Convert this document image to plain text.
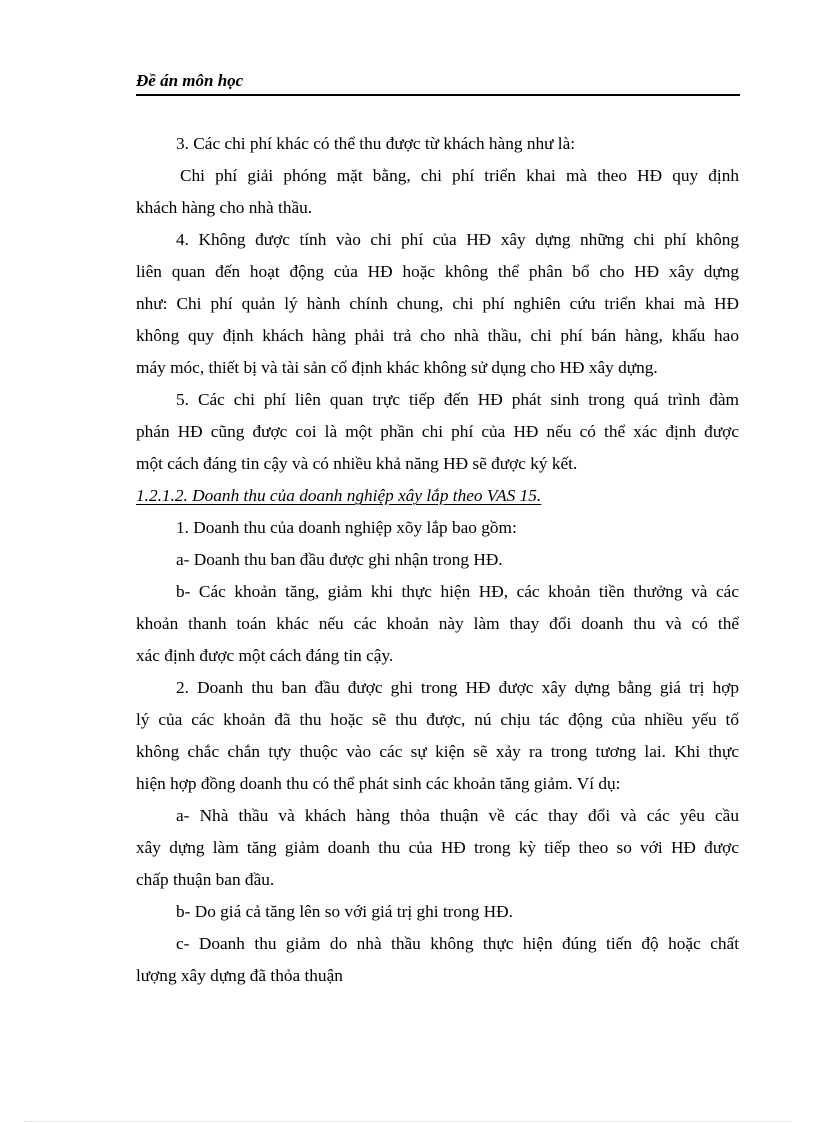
Đề án môn học
3. Các chi phí khác có thể thu được từ khách hàng như là:
Chi phí giải phóng mặt bằng, chi phí triển khai mà theo HĐ quy định
khách hàng cho nhà thầu.
4. Không được tính vào chi phí của HĐ xây dựng những chi phí không
liên quan đến hoạt động của HĐ hoặc không thể phân bổ cho HĐ xây dựng
như: Chi phí quản lý hành chính chung, chi phí nghiên cứu triển khai mà HĐ
không quy định khách hàng phải trả cho nhà thầu, chi phí bán hàng, khấu hao
máy móc, thiết bị và tài sản cố định khác không sử dụng cho HĐ xây dựng.
5. Các chi phí liên quan trực tiếp đến HĐ phát sinh trong quá trình đàm
phán HĐ cũng được coi là một phần chi phí của HĐ nếu có thể xác định được
một cách đáng tin cậy và có nhiều khả năng HĐ sẽ được ký kết.
1.2.1.2. Doanh thu của doanh nghiệp xây lắp theo VAS 15.
1. Doanh thu của doanh nghiệp xõy lắp bao gồm:
a- Doanh thu ban đầu được ghi nhận trong HĐ.
b- Các khoản tăng, giảm khi thực hiện HĐ, các khoản tiền thưởng và các
khoản thanh toán khác nếu các khoản này làm thay đổi doanh thu và có thể
xác định được một cách đáng tin cậy.
2. Doanh thu ban đầu được ghi trong HĐ được xây dựng bằng giá trị hợp
lý của các khoản đã thu hoặc sẽ thu được, nú chịu tác động của nhiều yếu tố
không chắc chắn tựy thuộc vào các sự kiện sẽ xảy ra trong tương lai. Khi thực
hiện hợp đồng doanh thu có thể phát sinh các khoản tăng giảm. Ví dụ:
a- Nhà thầu và khách hàng thỏa thuận về các thay đổi và các yêu cầu
xây dựng làm tăng giảm doanh thu của HĐ trong kỳ tiếp theo so với HĐ được
chấp thuận ban đầu.
b- Do giá cả tăng lên so với giá trị ghi trong HĐ.
c- Doanh thu giảm do nhà thầu không thực hiện đúng tiến độ hoặc chất
lượng xây dựng đã thỏa thuận
